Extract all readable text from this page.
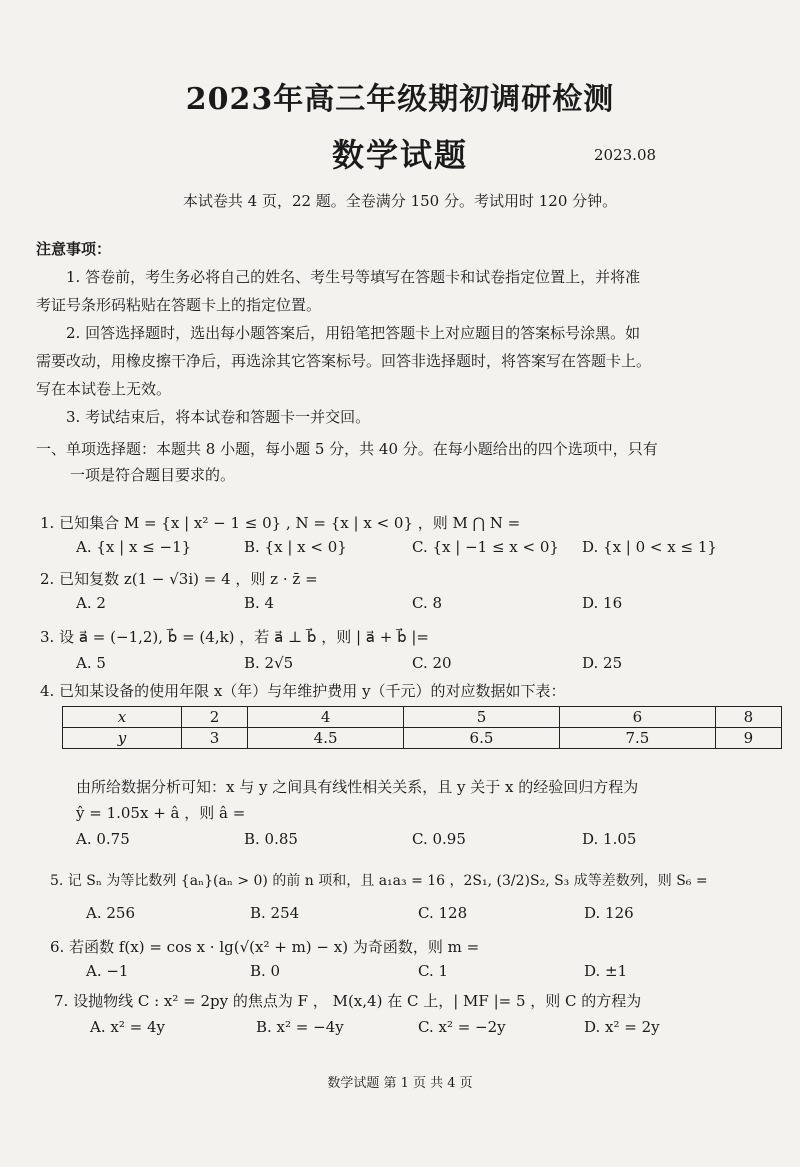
2023年高三年级期初调研检测
数学试题	2023.08
本试卷共 4 页，22 题。全卷满分 150 分。考试用时 120 分钟。
注意事项：
1. 答卷前，考生务必将自己的姓名、考生号等填写在答题卡和试卷指定位置上，并将准
考证号条形码粘贴在答题卡上的指定位置。
2. 回答选择题时，选出每小题答案后，用铅笔把答题卡上对应题目的答案标号涂黑。如
需要改动，用橡皮擦干净后，再选涂其它答案标号。回答非选择题时，将答案写在答题卡上。
写在本试卷上无效。
3. 考试结束后，将本试卷和答题卡一并交回。
一、单项选择题：本题共 8 小题，每小题 5 分，共 40 分。在每小题给出的四个选项中，只有
一项是符合题目要求的。
1. 已知集合 M = {x | x² − 1 ≤ 0} , N = {x | x < 0} ，则 M ⋂ N =
A. {x | x ≤ −1}	B. {x | x < 0}	C. {x | −1 ≤ x < 0} D. {x | 0 < x ≤ 1}
2. 已知复数 z(1 − √3i) = 4 ，则 z · z̄ =
A. 2	B. 4	C. 8	D. 16
3. 设 a⃗ = (−1,2), b⃗ = (4,k) ，若 a⃗ ⊥ b⃗ ，则 | a⃗ + b⃗ |=
A. 5	B. 2√5	C. 20	D. 25
4. 已知某设备的使用年限 x（年）与年维护费用 y（千元）的对应数据如下表：
x	2	4	5	6	8
y	3	4.5	6.5	7.5	9
由所给数据分析可知：x 与 y 之间具有线性相关关系，且 y 关于 x 的经验回归方程为
ŷ = 1.05x + â ，则 â =
A. 0.75	B. 0.85	C. 0.95	D. 1.05
5. 记 Sₙ 为等比数列 {aₙ}(aₙ > 0) 的前 n 项和，且 a₁a₃ = 16 ，2S₁, (3/2)S₂, S₃ 成等差数列，则 S₆ =
A. 256	B. 254	C. 128	D. 126
6. 若函数 f(x) = cos x · lg(√(x² + m) − x) 为奇函数，则 m =
A. −1	B. 0	C. 1	D. ±1
7. 设抛物线 C : x² = 2py 的焦点为 F ， M(x,4) 在 C 上，| MF |= 5 ，则 C 的方程为
A. x² = 4y	B. x² = −4y	C. x² = −2y	D. x² = 2y
数学试题 第 1 页 共 4 页
